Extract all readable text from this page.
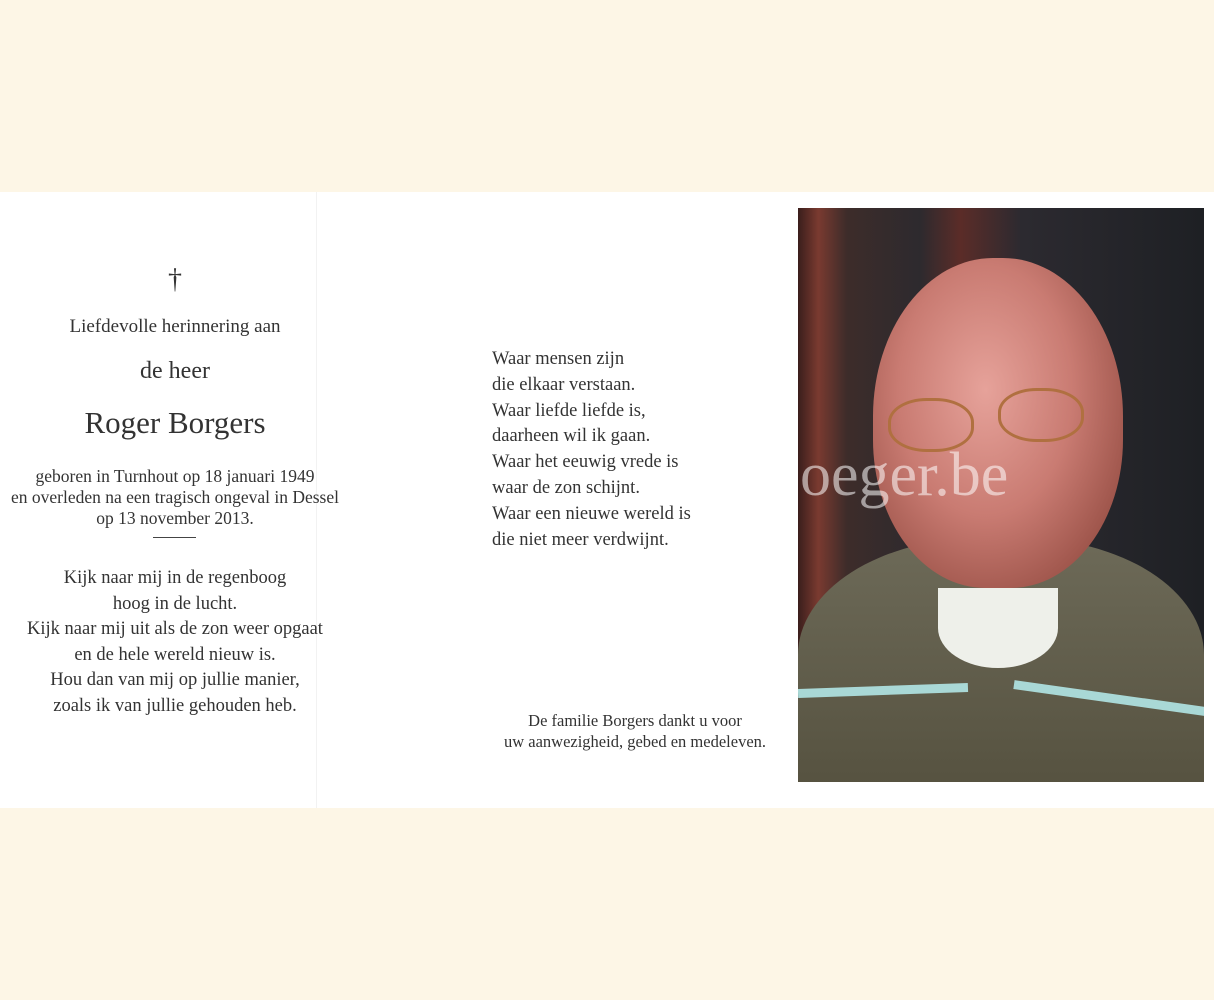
†
Liefdevolle herinnering aan
de heer
Roger Borgers
geboren in Turnhout op 18 januari 1949
en overleden na een tragisch ongeval in Dessel
op 13 november 2013.
Kijk naar mij in de regenboog
hoog in de lucht.
Kijk naar mij uit als de zon weer opgaat
en de hele wereld nieuw is.
Hou dan van mij op jullie manier,
zoals ik van jullie gehouden heb.
Waar mensen zijn
die elkaar verstaan.
Waar liefde liefde is,
daarheen wil ik gaan.
Waar het eeuwig vrede is
waar de zon schijnt.
Waar een nieuwe wereld is
die niet meer verdwijnt.
De familie Borgers dankt u voor
uw aanwezigheid, gebed en medeleven.
oeger.be
